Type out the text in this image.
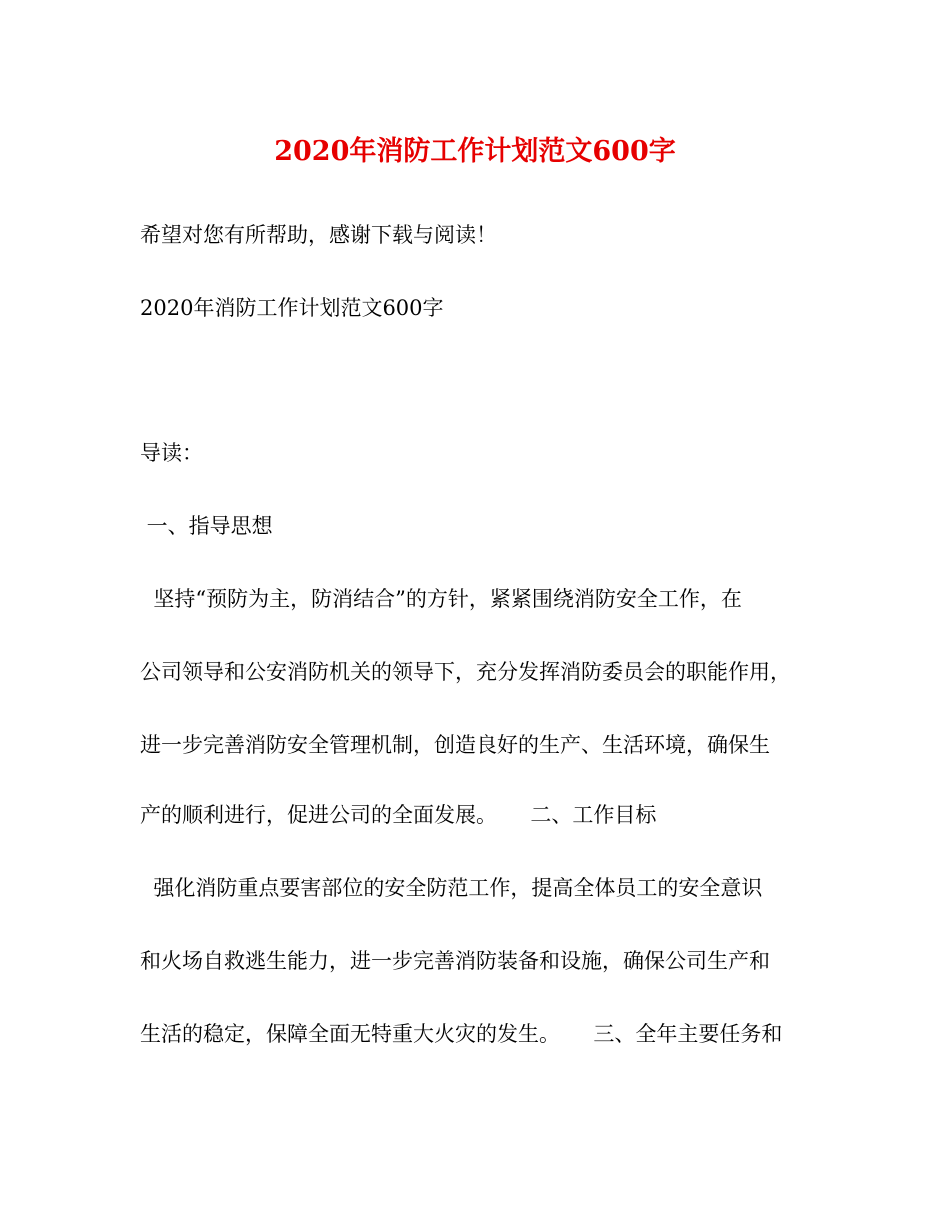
2020年消防工作计划范文600字
希望对您有所帮助，感谢下载与阅读！
2020年消防工作计划范文600字
导读：
一、指导思想
坚持“预防为主，防消结合”的方针，紧紧围绕消防安全工作，在
公司领导和公安消防机关的领导下，充分发挥消防委员会的职能作用，
进一步完善消防安全管理机制，创造良好的生产、生活环境，确保生
产的顺利进行，促进公司的全面发展。     二、工作目标
强化消防重点要害部位的安全防范工作，提高全体员工的安全意识
和火场自救逃生能力，进一步完善消防装备和设施，确保公司生产和
生活的稳定，保障全面无特重大火灾的发生。     三、全年主要任务和
